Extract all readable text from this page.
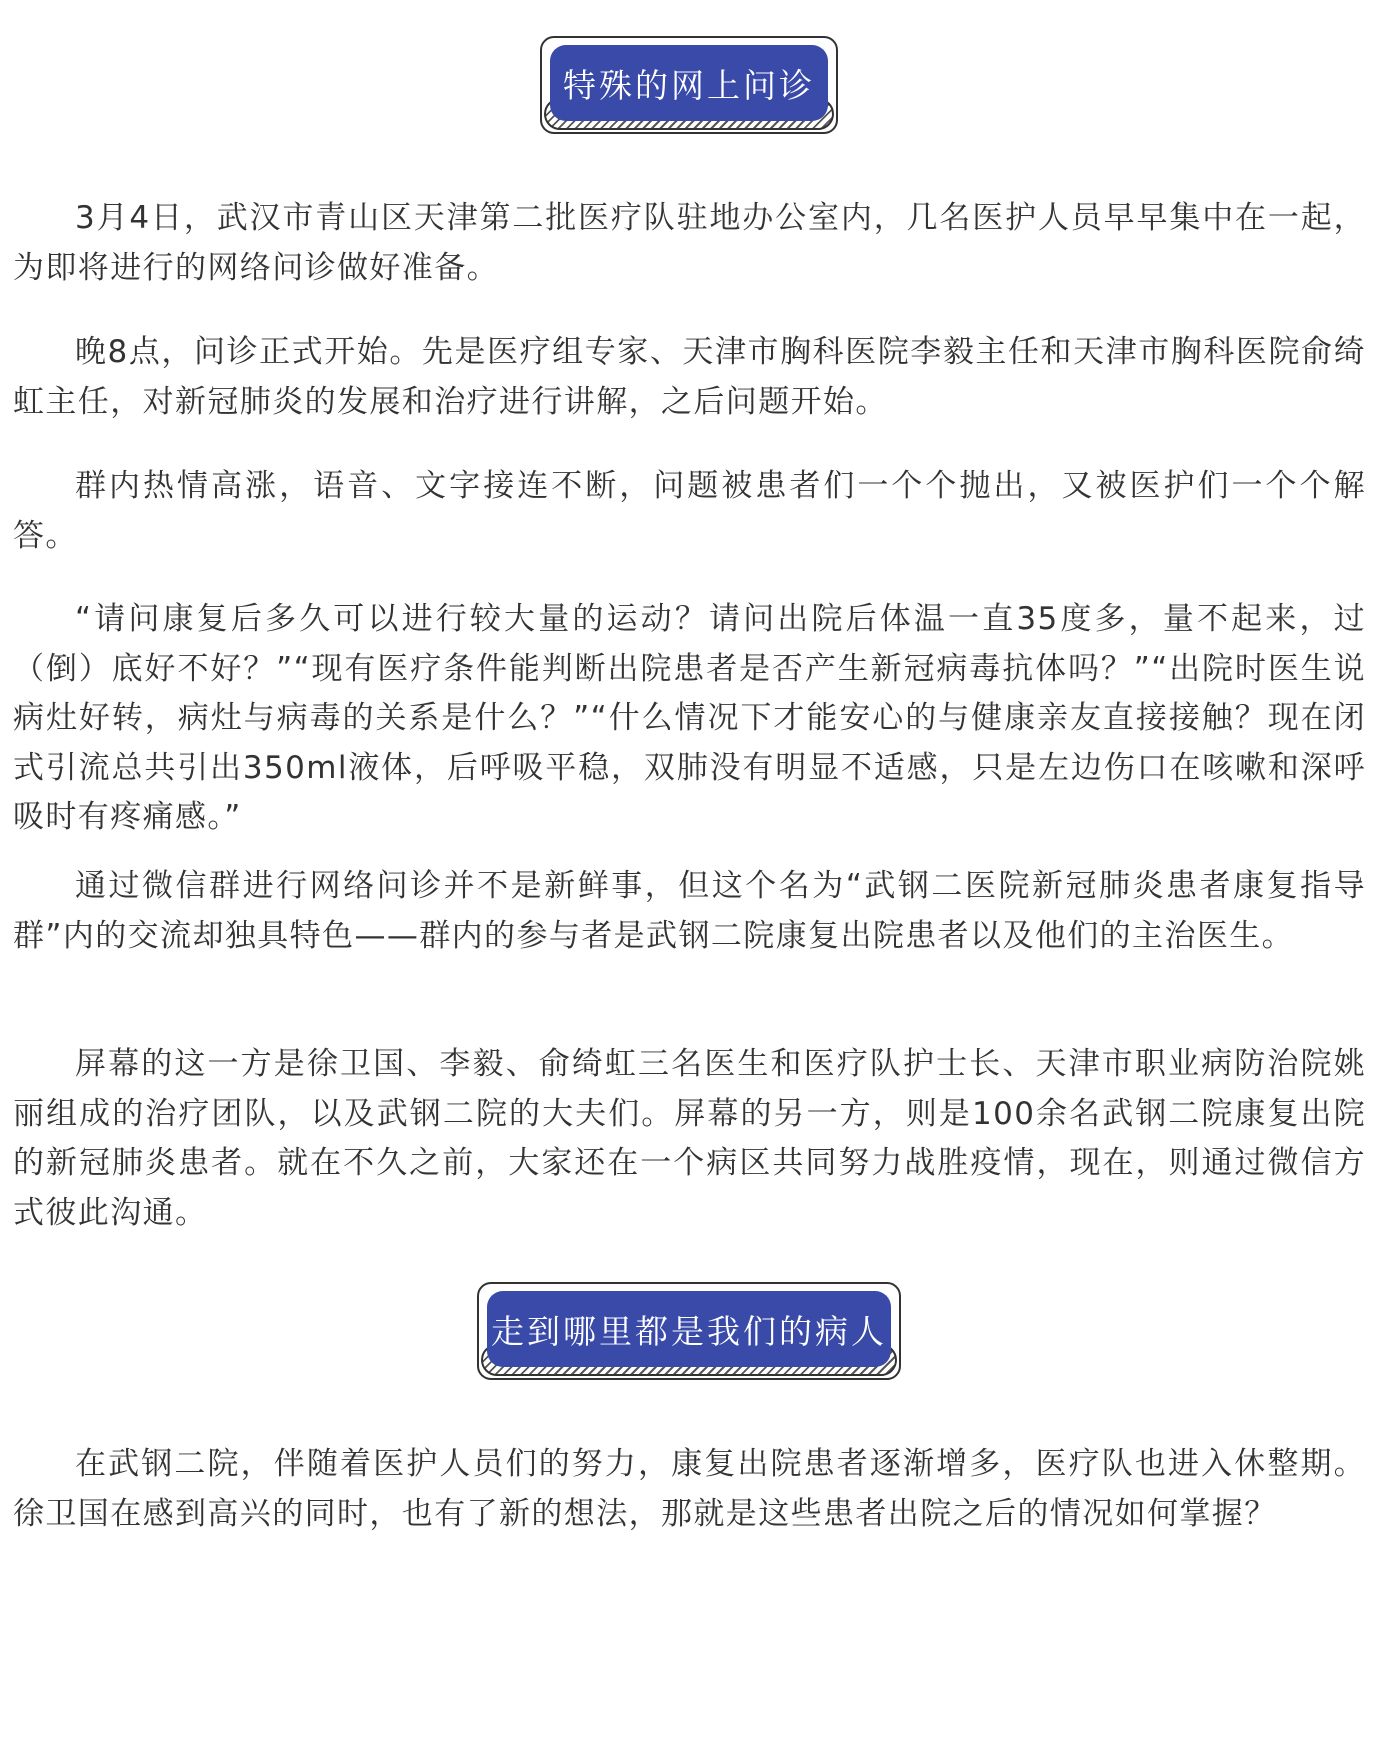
特殊的网上问诊

3月4日，武汉市青山区天津第二批医疗队驻地办公室内，几名医护人员早早集中在一起，为即将进行的网络问诊做好准备。

晚8点，问诊正式开始。先是医疗组专家、天津市胸科医院李毅主任和天津市胸科医院俞绮虹主任，对新冠肺炎的发展和治疗进行讲解，之后问题开始。

群内热情高涨，语音、文字接连不断，问题被患者们一个个抛出，又被医护们一个个解答。

“请问康复后多久可以进行较大量的运动？请问出院后体温一直35度多，量不起来，过（倒）底好不好？”“现有医疗条件能判断出院患者是否产生新冠病毒抗体吗？”“出院时医生说病灶好转，病灶与病毒的关系是什么？”“什么情况下才能安心的与健康亲友直接接触？现在闭式引流总共引出350ml液体，后呼吸平稳，双肺没有明显不适感，只是左边伤口在咳嗽和深呼吸时有疼痛感。”

通过微信群进行网络问诊并不是新鲜事，但这个名为“武钢二医院新冠肺炎患者康复指导群”内的交流却独具特色——群内的参与者是武钢二院康复出院患者以及他们的主治医生。

屏幕的这一方是徐卫国、李毅、俞绮虹三名医生和医疗队护士长、天津市职业病防治院姚丽组成的治疗团队，以及武钢二院的大夫们。屏幕的另一方，则是100余名武钢二院康复出院的新冠肺炎患者。就在不久之前，大家还在一个病区共同努力战胜疫情，现在，则通过微信方式彼此沟通。

走到哪里都是我们的病人

在武钢二院，伴随着医护人员们的努力，康复出院患者逐渐增多，医疗队也进入休整期。徐卫国在感到高兴的同时，也有了新的想法，那就是这些患者出院之后的情况如何掌握？
